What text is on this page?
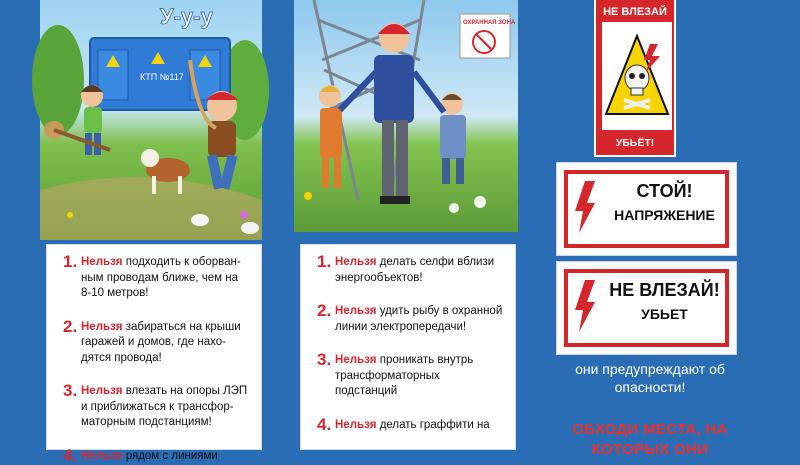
КТП №117
У-у-у	ОХРАННАЯ ЗОНА
1. Нельзя подходить к оборван-ным проводам ближе, чем на 8-10 метров!
2. Нельзя забираться на крыши гаражей и домов, где нахо-дятся провода!
3. Нельзя влезать на опоры ЛЭП и приближаться к трансфор-маторным подстанциям!
4. Нельзя рядом с линиями
1. Нельзя делать селфи вблизи энергообъектов!
2. Нельзя удить рыбу в охранной линии электропередачи!
3. Нельзя проникать внутрь трансформаторных подстанций
4. Нельзя делать граффити на
НЕ ВЛЕЗАЙ
УБЬЁТ!
СТОЙ!
НАПРЯЖЕНИЕ
НЕ ВЛЕЗАЙ!
УБЬЕТ
они предупреждают об опасности!
ОБХОДИ МЕСТА, НА КОТОРЫХ ОНИ
